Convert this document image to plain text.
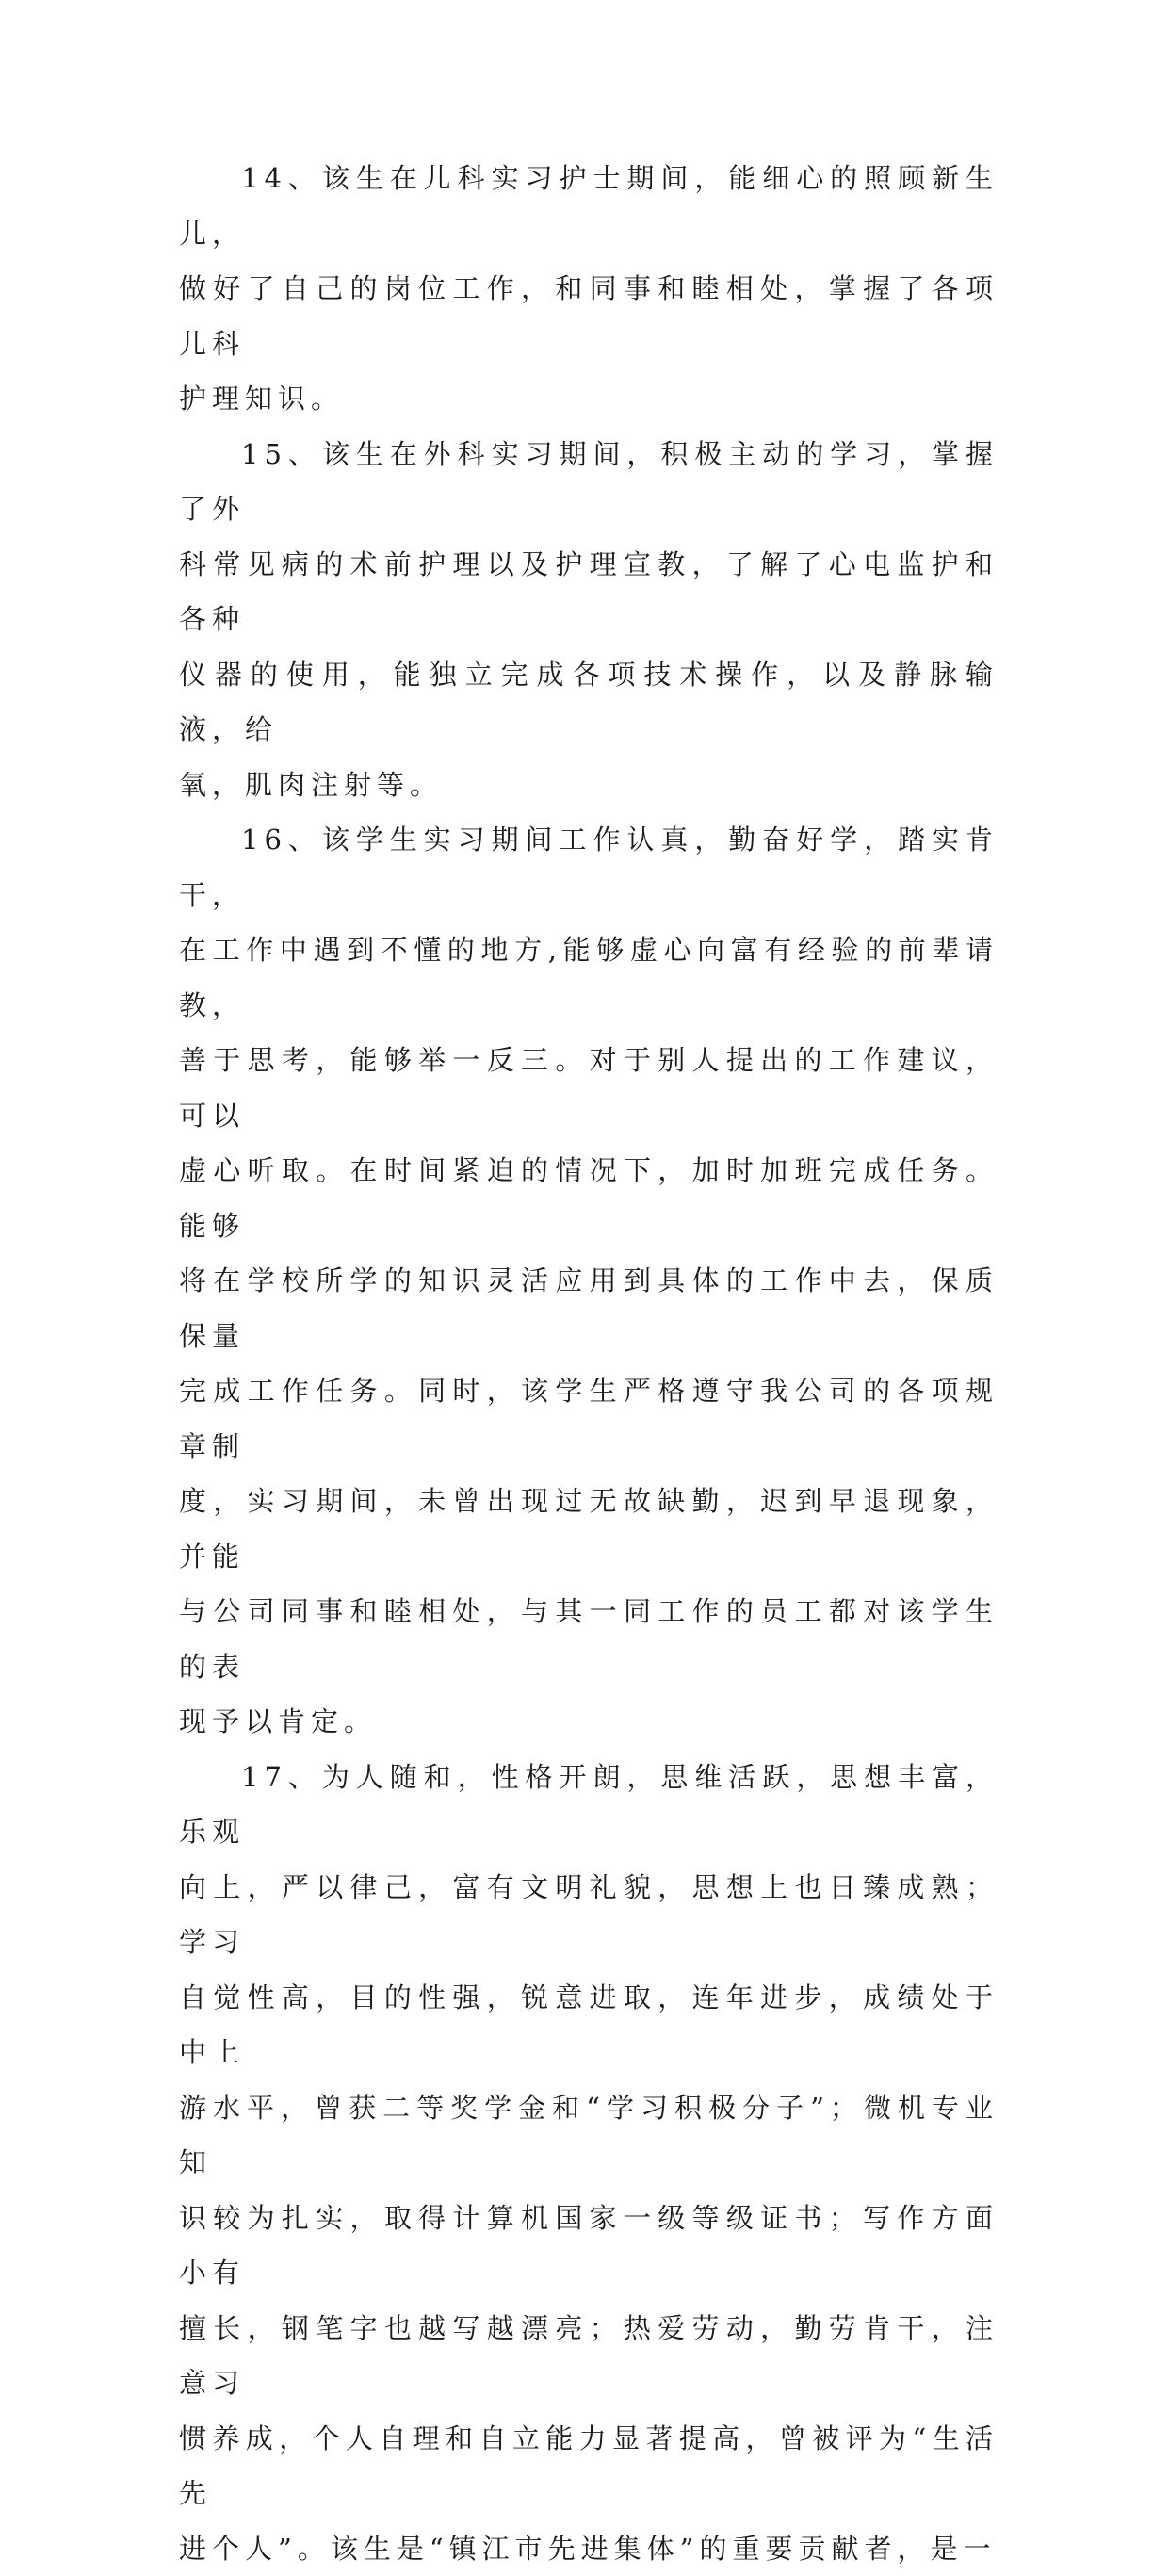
14、该生在儿科实习护士期间，能细心的照顾新生儿，
做好了自己的岗位工作，和同事和睦相处，掌握了各项儿科
护理知识。

15、该生在外科实习期间，积极主动的学习，掌握了外
科常见病的术前护理以及护理宣教，了解了心电监护和各种
仪器的使用，能独立完成各项技术操作，以及静脉输液，给
氧，肌肉注射等。

16、该学生实习期间工作认真，勤奋好学，踏实肯干，
在工作中遇到不懂的地方,能够虚心向富有经验的前辈请教，
善于思考，能够举一反三。对于别人提出的工作建议，可以
虚心听取。在时间紧迫的情况下，加时加班完成任务。能够
将在学校所学的知识灵活应用到具体的工作中去，保质保量
完成工作任务。同时，该学生严格遵守我公司的各项规章制
度，实习期间，未曾出现过无故缺勤，迟到早退现象，并能
与公司同事和睦相处，与其一同工作的员工都对该学生的表
现予以肯定。

17、为人随和，性格开朗，思维活跃，思想丰富，乐观
向上，严以律己，富有文明礼貌，思想上也日臻成熟；学习
自觉性高，目的性强，锐意进取，连年进步，成绩处于中上
游水平，曾获二等奖学金和“学习积极分子”；微机专业知
识较为扎实，取得计算机国家一级等级证书；写作方面小有
擅长，钢笔字也越写越漂亮；热爱劳动，勤劳肯干，注意习
惯养成，个人自理和自立能力显著提高，曾被评为“生活先
进个人”。该生是“镇江市先进集体”的重要贡献者，是一
